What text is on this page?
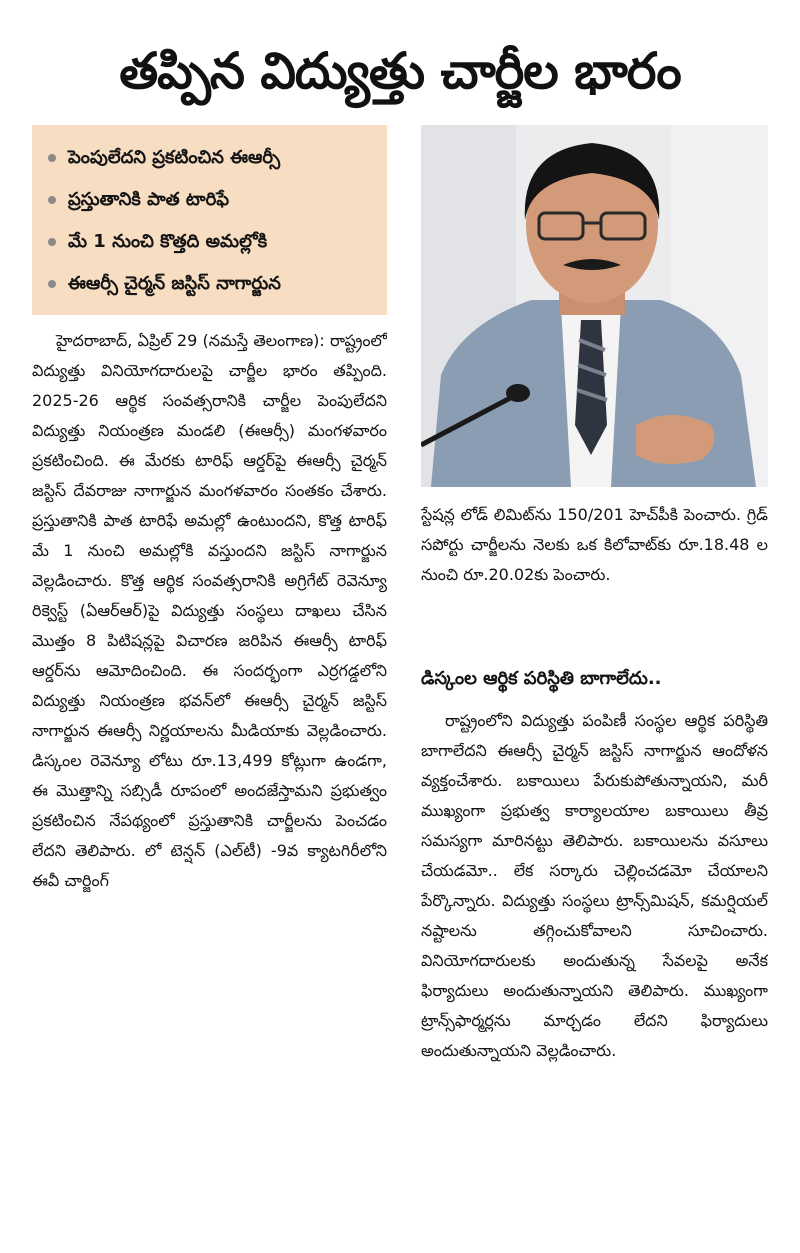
తప్పిన విద్యుత్తు చార్జీల భారం
పెంపులేదని ప్రకటించిన ఈఆర్సీ
ప్రస్తుతానికి పాత టారిఫే
మే 1 నుంచి కొత్తది అమల్లోకి
ఈఆర్సీ చైర్మన్ జస్టిస్ నాగార్జున

హైదరాబాద్, ఏప్రిల్ 29 (నమస్తే తెలంగాణ): రాష్ట్రంలో విద్యుత్తు వినియోగదారులపై చార్జీల భారం తప్పింది. 2025-26 ఆర్థిక సంవత్సరానికి చార్జీల పెంపులేదని విద్యుత్తు నియంత్రణ మండలి (ఈఆర్సీ) మంగళవారం ప్రకటించింది. ఈ మేరకు టారిఫ్ ఆర్డర్‌పై ఈఆర్సీ చైర్మన్ జస్టిస్ దేవరాజు నాగార్జున మంగళవారం సంతకం చేశారు. ప్రస్తుతానికి పాత టారిఫే అమల్లో ఉంటుందని, కొత్త టారిఫ్ మే 1 నుంచి అమల్లోకి వస్తుందని జస్టిస్ నాగార్జున వెల్లడించారు. కొత్త ఆర్థిక సంవత్సరానికి అగ్రిగేట్ రెవెన్యూ రిక్వెస్ట్ (ఏఆర్ఆర్)పై విద్యుత్తు సంస్థలు దాఖలు చేసిన మొత్తం 8 పిటిషన్లపై విచారణ జరిపిన ఈఆర్సీ టారిఫ్ ఆర్డర్‌ను ఆమోదించింది. ఈ సందర్భంగా ఎర్రగడ్డలోని విద్యుత్తు నియంత్రణ భవన్‌లో ఈఆర్సీ చైర్మన్ జస్టిస్ నాగార్జున ఈఆర్సీ నిర్ణయాలను మీడియాకు వెల్లడించారు. డిస్కంల రెవెన్యూ లోటు రూ.13,499 కోట్లుగా ఉండగా, ఈ మొత్తాన్ని సబ్సిడీ రూపంలో అందజేస్తామని ప్రభుత్వం ప్రకటించిన నేపథ్యంలో ప్రస్తుతానికి చార్జీలను పెంచడం లేదని తెలిపారు. లో టెన్షన్ (ఎల్‌టీ) -9వ క్యాటగిరీలోని ఈవీ చార్జింగ్

స్టేషన్ల లోడ్ లిమిట్‌ను 150/201 హెచ్‌పీకి పెంచారు. గ్రిడ్ సపోర్టు చార్జీలను నెలకు ఒక కిలోవాట్‌కు రూ.18.48 ల నుంచి రూ.20.02కు పెంచారు.

డిస్కంల ఆర్థిక పరిస్థితి బాగాలేదు..

రాష్ట్రంలోని విద్యుత్తు పంపిణీ సంస్థల ఆర్థిక పరిస్థితి బాగాలేదని ఈఆర్సీ చైర్మన్ జస్టిస్ నాగార్జున ఆందోళన వ్యక్తంచేశారు. బకాయిలు పేరుకుపోతున్నాయని, మరీ ముఖ్యంగా ప్రభుత్వ కార్యాలయాల బకాయిలు తీవ్ర సమస్యగా మారినట్టు తెలిపారు. బకాయిలను వసూలు చేయడమో.. లేక సర్కారు చెల్లించడమో చేయాలని పేర్కొన్నారు. విద్యుత్తు సంస్థలు ట్రాన్స్‌మిషన్, కమర్షియల్ నష్టాలను తగ్గించుకోవాలని సూచించారు. వినియోగదారులకు అందుతున్న సేవలపై అనేక ఫిర్యాదులు అందుతున్నాయని తెలిపారు. ముఖ్యంగా ట్రాన్స్‌ఫార్మర్లను మార్చడం లేదని ఫిర్యాదులు అందుతున్నాయని వెల్లడించారు.
